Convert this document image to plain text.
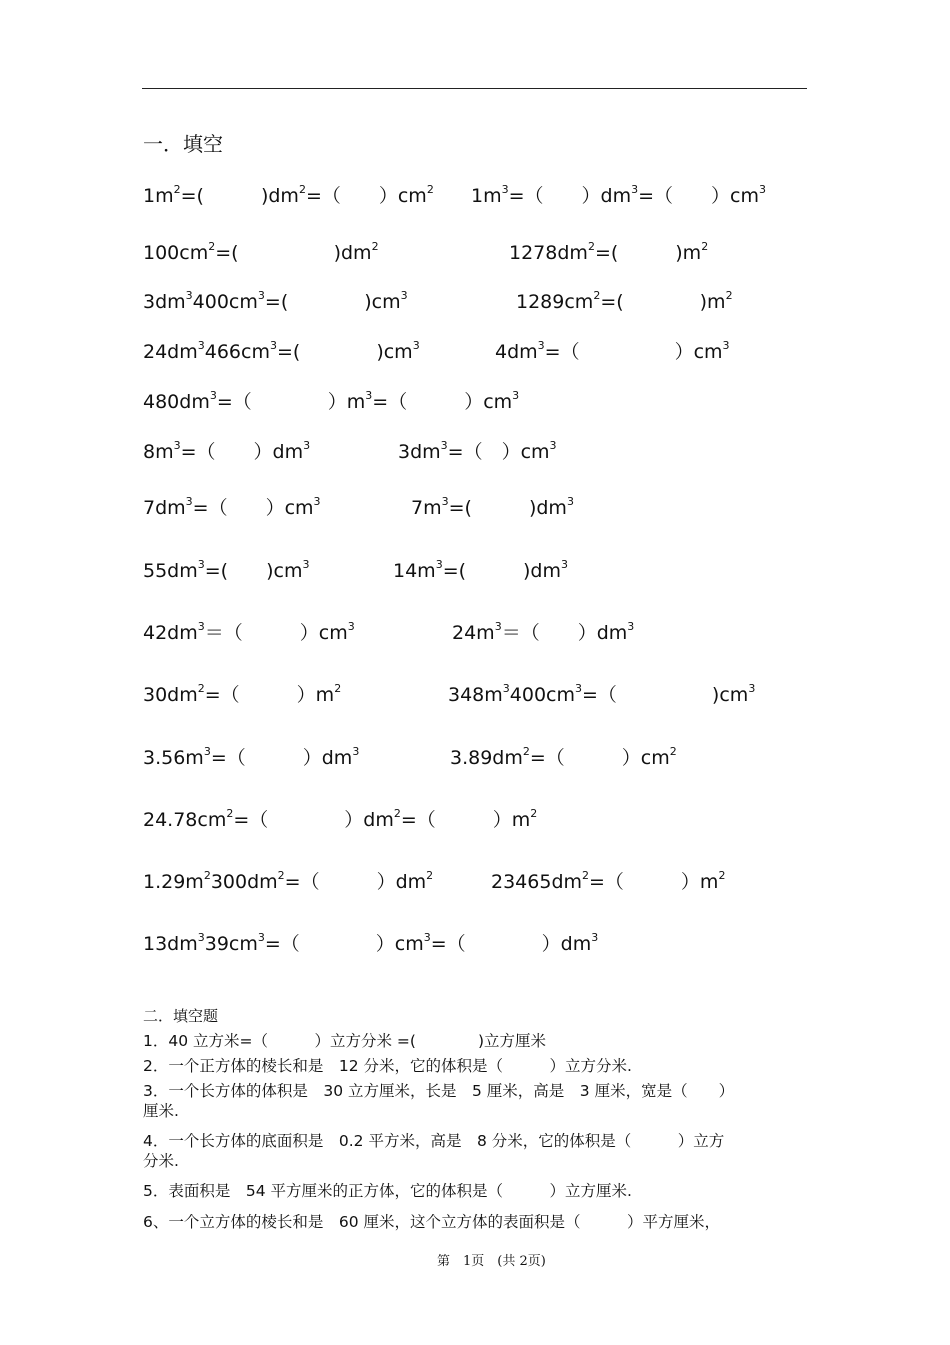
一．填空
$1m^2=$(　　　)$dm^2=$（　　）$cm^2$ $1m^3=$（　　）$dm^3=$（　　）$cm^3$
$100cm^2=$(　　　　　)$dm^2$	$1278dm^2=$(　　　)$m^2$
$3dm^3400cm^3=$(　　　　)$cm^3$	$1289cm^2=$(　　　　)$m^2$
$24dm^3466cm^3=$(　　　　)$cm^3$	$4dm^3=$（　　　　　）$cm^3$
$480dm^3=$（　　　　）$m^3=$（　　　）$cm^3$
$8m^3=$（　　）$dm^3$	$3dm^3=$（　）$cm^3$
$7dm^3=$（　　）$cm^3$	$7m^3=$(　　　)$dm^3$
$55dm^3=$(　　)$cm^3$	$14m^3=$(　　　)$dm^3$
$42dm^3=$（　　　）$cm^3$	$24m^3=$（　　）$dm^3$
$30dm^2=$（　　　）$m^2$	$348m^3400cm^3=$（　　　　　)$cm^3$
$3.56m^3=$（　　　）$dm^3$	$3.89dm^2=$（　　　）$cm^2$
$24.78cm^2=$（　　　　）$dm^2=$（　　　）$m^2$
$1.29m^2300dm^2=$（　　　）$dm^2$	$23465dm^2=$（　　　）$m^2$
$13dm^339cm^3=$（　　　　）$cm^3=$（　　　　）$dm^3$
二．填空题
1．40 立方米=（　　　）立方分米 =(　　　　)立方厘米
2．一个正方体的棱长和是　12 分米，它的体积是（　　　）立方分米.
3．一个长方体的体积是　30 立方厘米，长是　5 厘米，高是　3 厘米，宽是（　　）
厘米.
4．一个长方体的底面积是　0.2 平方米，高是　8 分米，它的体积是（　　　）立方
分米.
5．表面积是　54 平方厘米的正方体，它的体积是（　　　）立方厘米.
6、一个立方体的棱长和是　60 厘米，这个立方体的表面积是（　　　）平方厘米，
第　1页　(共 2页)
